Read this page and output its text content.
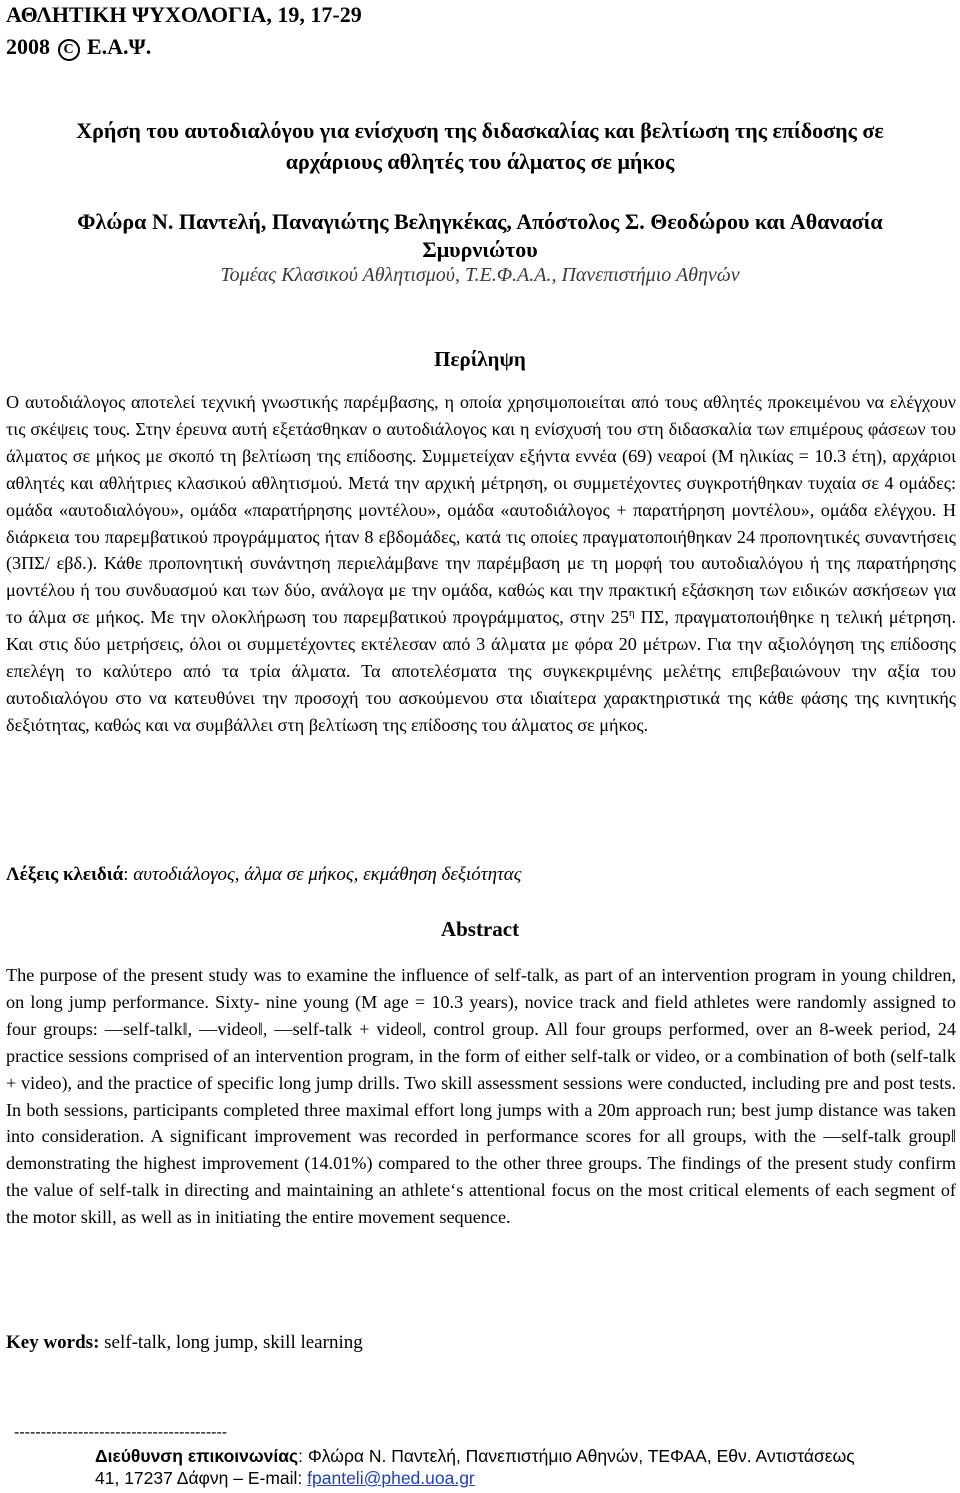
ΑΘΛΗΤΙΚΗ ΨΥΧΟΛΟΓΙΑ, 19, 17-29
2008 C Ε.Α.Ψ.
Χρήση του αυτοδιαλόγου για ενίσχυση της διδασκαλίας και βελτίωση της επίδοσης σε
αρχάριους αθλητές του άλματος σε μήκος
Φλώρα Ν. Παντελή, Παναγιώτης Βεληγκέκας, Απόστολος Σ. Θεοδώρου και Αθανασία
Σμυρνιώτου
Τομέας Κλασικού Αθλητισμού, Τ.Ε.Φ.Α.Α., Πανεπιστήμιο Αθηνών
Περίληψη
Ο αυτοδιάλογος αποτελεί τεχνική γνωστικής παρέμβασης, η οποία χρησιμοποιείται από τους αθλητές προκειμένου να ελέγχουν τις σκέψεις τους. Στην έρευνα αυτή εξετάσθηκαν ο αυτοδιάλογος και η ενίσχυσή του στη διδασκαλία των επιμέρους φάσεων του άλματος σε μήκος με σκοπό τη βελτίωση της επίδοσης. Συμμετείχαν εξήντα εννέα (69) νεαροί (M ηλικίας = 10.3 έτη), αρχάριοι αθλητές και αθλήτριες κλασικού αθλητισμού. Μετά την αρχική μέτρηση, οι συμμετέχοντες συγκροτήθηκαν τυχαία σε 4 ομάδες: ομάδα «αυτοδιαλόγου», ομάδα «παρατήρησης μοντέλου», ομάδα «αυτοδιάλογος + παρατήρηση μοντέλου», ομάδα ελέγχου. Η διάρκεια του παρεμβατικού προγράμματος ήταν 8 εβδομάδες, κατά τις οποίες πραγματοποιήθηκαν 24 προπονητικές συναντήσεις (3ΠΣ/ εβδ.). Κάθε προπονητική συνάντηση περιελάμβανε την παρέμβαση με τη μορφή του αυτοδιαλόγου ή της παρατήρησης μοντέλου ή του συνδυασμού και των δύο, ανάλογα με την ομάδα, καθώς και την πρακτική εξάσκηση των ειδικών ασκήσεων για το άλμα σε μήκος. Με την ολοκλήρωση του παρεμβατικού προγράμματος, στην $25^\eta$ ΠΣ, πραγματοποιήθηκε η τελική μέτρηση. Και στις δύο μετρήσεις, όλοι οι συμμετέχοντες εκτέλεσαν από 3 άλματα με φόρα 20 μέτρων. Για την αξιολόγηση της επίδοσης επελέγη το καλύτερο από τα τρία άλματα. Τα αποτελέσματα της συγκεκριμένης μελέτης επιβεβαιώνουν την αξία του αυτοδιαλόγου στο να κατευθύνει την προσοχή του ασκούμενου στα ιδιαίτερα χαρακτηριστικά της κάθε φάσης της κινητικής δεξιότητας, καθώς και να συμβάλλει στη βελτίωση της επίδοσης του άλματος σε μήκος.
Λέξεις κλειδιά: αυτοδιάλογος, άλμα σε μήκος, εκμάθηση δεξιότητας
Abstract
The purpose of the present study was to examine the influence of self-talk, as part of an intervention program in young children, on long jump performance. Sixty- nine young (M age = 10.3 years), novice track and field athletes were randomly assigned to four groups: ―self-talk‖, ―video‖, ―self-talk + video‖, control group. All four groups performed, over an 8-week period, 24 practice sessions comprised of an intervention program, in the form of either self-talk or video, or a combination of both (self-talk + video), and the practice of specific long jump drills. Two skill assessment sessions were conducted, including pre and post tests. In both sessions, participants completed three maximal effort long jumps with a 20m approach run; best jump distance was taken into consideration. A significant improvement was recorded in performance scores for all groups, with the ―self-talk group‖ demonstrating the highest improvement (14.01%) compared to the other three groups. The findings of the present study confirm the value of self-talk in directing and maintaining an athlete‘s attentional focus on the most critical elements of each segment of the motor skill, as well as in initiating the entire movement sequence.
Key words: self-talk, long jump, skill learning
----------------------------------------
Διεύθυνση επικοινωνίας: Φλώρα Ν. Παντελή, Πανεπιστήμιο Αθηνών, ΤΕΦΑΑ, Εθν. Αντιστάσεως
41, 17237 Δάφνη – E-mail: fpanteli@phed.uoa.gr
